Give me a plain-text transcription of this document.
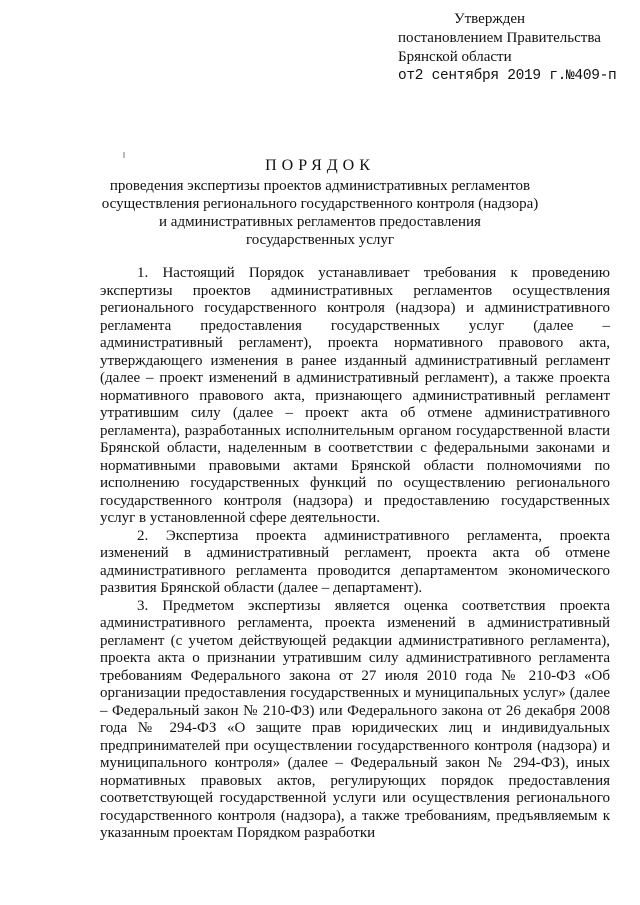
Утвержден
постановлением Правительства
Брянской области
от2 сентября 2019 г.№409-п
ПОРЯДОК
проведения экспертизы проектов административных регламентов
осуществления регионального государственного контроля (надзора)
и административных регламентов предоставления
государственных услуг

1. Настоящий Порядок устанавливает требования к проведению экспертизы проектов административных регламентов осуществления регионального государственного контроля (надзора) и административного регламента предоставления государственных услуг (далее – административный регламент), проекта нормативного правового акта, утверждающего изменения в ранее изданный административный регламент (далее – проект изменений в административный регламент), а также проекта нормативного правового акта, признающего административный регламент утратившим силу (далее – проект акта об отмене административного регламента), разработанных исполнительным органом государственной власти Брянской области, наделенным в соответствии с федеральными законами и нормативными правовыми актами Брянской области полномочиями по исполнению государственных функций по осуществлению регионального государственного контроля (надзора) и предоставлению государственных услуг в установленной сфере деятельности.

2. Экспертиза проекта административного регламента, проекта изменений в административный регламент, проекта акта об отмене административного регламента проводится департаментом экономического развития Брянской области (далее – департамент).

3. Предметом экспертизы является оценка соответствия проекта административного регламента, проекта изменений в административный регламент (с учетом действующей редакции административного регламента), проекта акта о признании утратившим силу административного регламента требованиям Федерального закона от 27 июля 2010 года № 210-ФЗ «Об организации предоставления государственных и муниципальных услуг» (далее – Федеральный закон № 210-ФЗ) или Федерального закона от 26 декабря 2008 года № 294-ФЗ «О защите прав юридических лиц и индивидуальных предпринимателей при осуществлении государственного контроля (надзора) и муниципального контроля» (далее – Федеральный закон № 294-ФЗ), иных нормативных правовых актов, регулирующих порядок предоставления соответствующей государственной услуги или осуществления регионального государственного контроля (надзора), а также требованиям, предъявляемым к указанным проектам Порядком разработки
